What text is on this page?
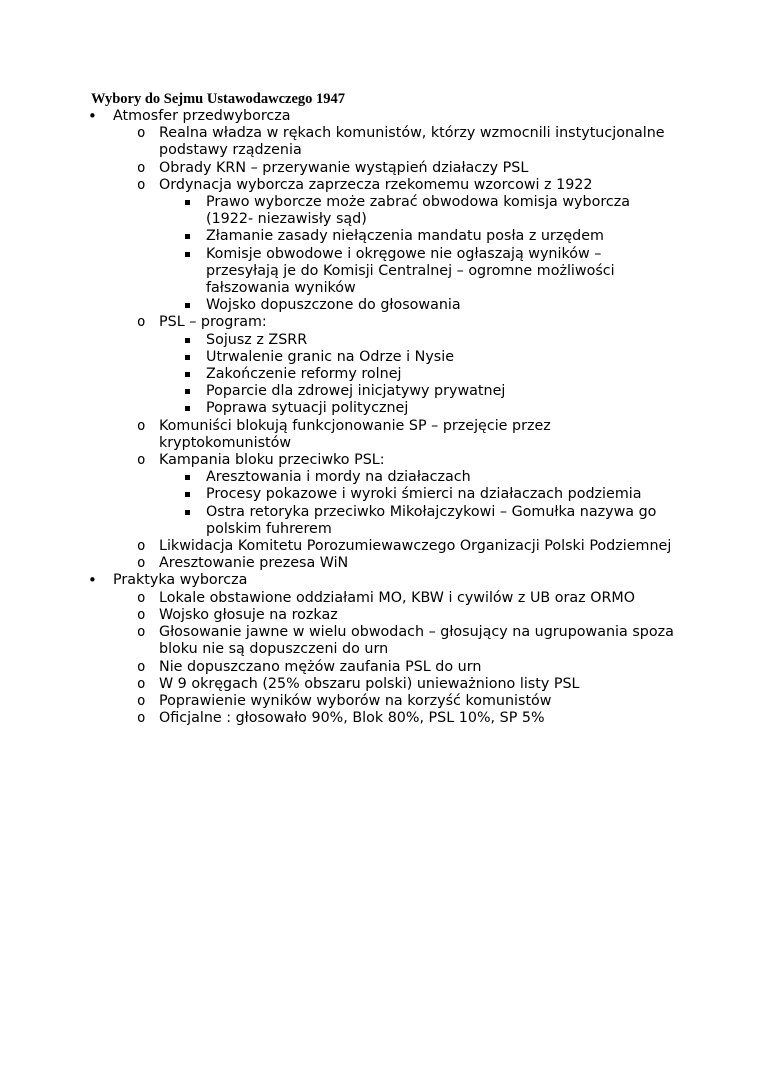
Wybory do Sejmu Ustawodawczego 1947
• Atmosfer przedwyborcza
o Realna władza w rękach komunistów, którzy wzmocnili instytucjonalne podstawy rządzenia
o Obrady KRN – przerywanie wystąpień działaczy PSL
o Ordynacja wyborcza zaprzecza rzekomemu wzorcowi z 1922
Prawo wyborcze może zabrać obwodowa komisja wyborcza (1922- niezawisły sąd)
Złamanie zasady niełączenia mandatu posła z urzędem
Komisje obwodowe i okręgowe nie ogłaszają wyników – przesyłają je do Komisji Centralnej – ogromne możliwości fałszowania wyników
Wojsko dopuszczone do głosowania
o PSL – program:
Sojusz z ZSRR
Utrwalenie granic na Odrze i Nysie
Zakończenie reformy rolnej
Poparcie dla zdrowej inicjatywy prywatnej
Poprawa sytuacji politycznej
o Komuniści blokują funkcjonowanie SP – przejęcie przez kryptokomunistów
o Kampania bloku przeciwko PSL:
Aresztowania i mordy na działaczach
Procesy pokazowe i wyroki śmierci na działaczach podziemia
Ostra retoryka przeciwko Mikołajczykowi – Gomułka nazywa go polskim fuhrerem
o Likwidacja Komitetu Porozumiewawczego Organizacji Polski Podziemnej
o Aresztowanie prezesa WiN
• Praktyka wyborcza
o Lokale obstawione oddziałami MO, KBW i cywilów z UB oraz ORMO
o Wojsko głosuje na rozkaz
o Głosowanie jawne w wielu obwodach – głosujący na ugrupowania spoza bloku nie są dopuszczeni do urn
o Nie dopuszczano mężów zaufania PSL do urn
o W 9 okręgach (25% obszaru polski) unieważniono listy PSL
o Poprawienie wyników wyborów na korzyść komunistów
o Oficjalne : głosowało 90%, Blok 80%, PSL 10%, SP 5%
